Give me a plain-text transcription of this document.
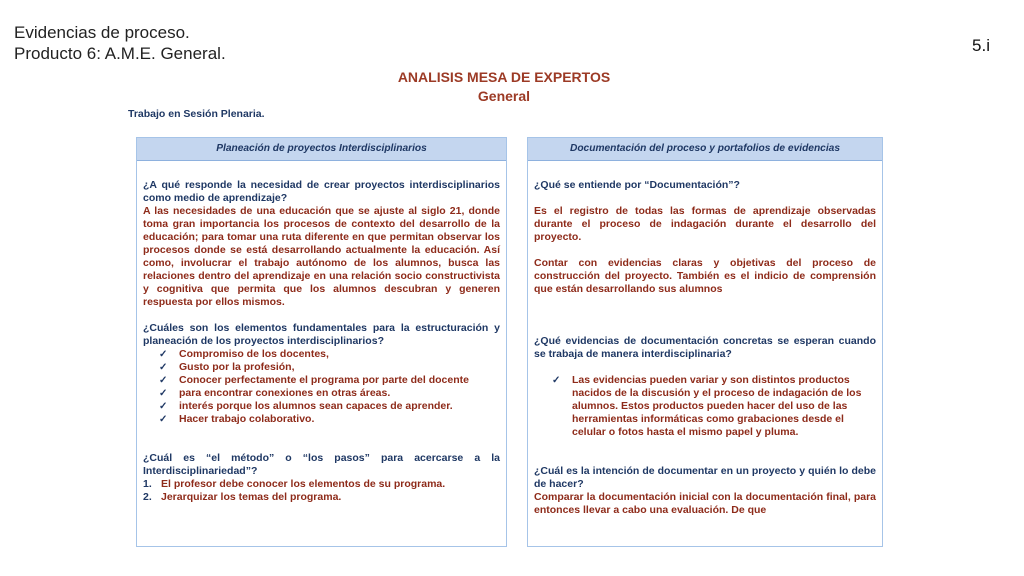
Evidencias de proceso.
Producto 6: A.M.E. General.	5.i
ANALISIS MESA DE EXPERTOS
General
Trabajo en Sesión Plenaria.
Planeación de proyectos Interdisciplinarios
¿A qué responde la necesidad de crear proyectos interdisciplinarios como medio de aprendizaje?
A las necesidades de una educación que se ajuste al siglo 21, donde toma gran importancia los procesos de contexto del desarrollo de la educación; para tomar una ruta diferente en que permitan observar los procesos donde se está desarrollando actualmente la educación. Así como, involucrar el trabajo autónomo de los alumnos, busca las relaciones dentro del aprendizaje en una relación socio constructivista y cognitiva que permita que los alumnos descubran y generen respuesta por ellos mismos.
¿Cuáles son los elementos fundamentales para la estructuración y planeación de los proyectos interdisciplinarios?
✓ Compromiso de los docentes,
✓ Gusto por la profesión,
✓ Conocer perfectamente el programa por parte del docente
✓ para encontrar conexiones en otras áreas.
✓ interés porque los alumnos sean capaces de aprender.
✓ Hacer trabajo colaborativo.
¿Cuál es “el método” o “los pasos” para acercarse a la Interdisciplinariedad”?
1. El profesor debe conocer los elementos de su programa.
2. Jerarquizar los temas del programa.
Documentación del proceso y portafolios de evidencias
¿Qué se entiende por “Documentación”?
Es el registro de todas las formas de aprendizaje observadas durante el proceso de indagación durante el desarrollo del proyecto.
Contar con evidencias claras y objetivas del proceso de construcción del proyecto. También es el indicio de comprensión que están desarrollando sus alumnos
¿Qué evidencias de documentación concretas se esperan cuando se trabaja de manera interdisciplinaria?
✓ Las evidencias pueden variar y son distintos productos nacidos de la discusión y el proceso de indagación de los alumnos. Estos productos pueden hacer del uso de las herramientas informáticas como grabaciones desde el celular o fotos hasta el mismo papel y pluma.
¿Cuál es la intención de documentar en un proyecto y quién lo debe de hacer?
Comparar la documentación inicial con la documentación final, para entonces llevar a cabo una evaluación. De que
